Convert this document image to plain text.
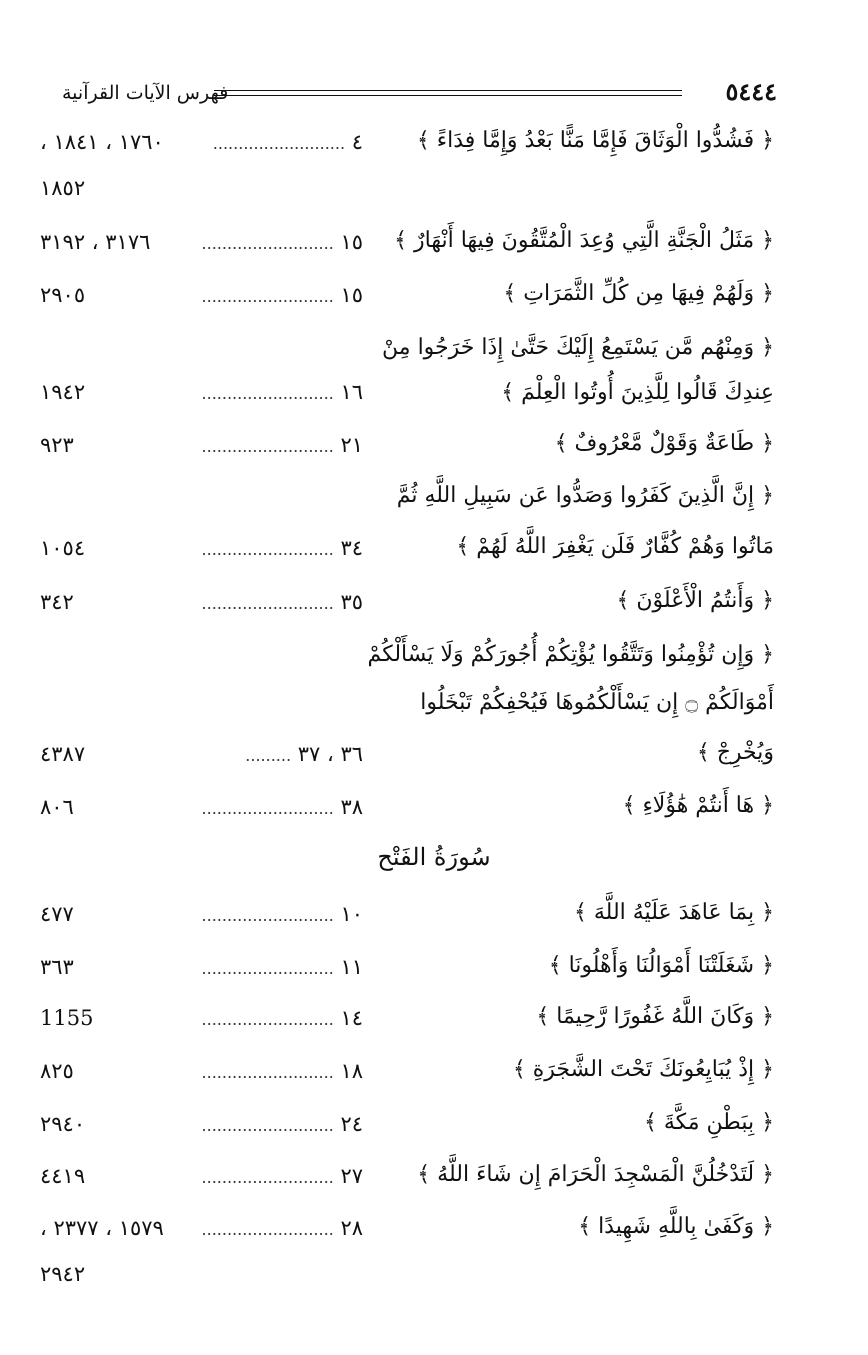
٥٤٤٤
فهرس الآيات القرآنية
﴿ فَشُدُّوا الْوَثَاقَ فَإِمَّا مَنًّا بَعْدُ وَإِمَّا فِدَاءً ﴾
٤ ..........................
١٧٦٠ ، ١٨٤١ ،
١٨٥٢
﴿ مَثَلُ الْجَنَّةِ الَّتِي وُعِدَ الْمُتَّقُونَ فِيهَا أَنْهَارٌ ﴾
١٥ ..........................
٣١٧٦ ، ٣١٩٢
﴿ وَلَهُمْ فِيهَا مِن كُلِّ الثَّمَرَاتِ ﴾
١٥ ..........................
٢٩٠٥
﴿ وَمِنْهُم مَّن يَسْتَمِعُ إِلَيْكَ حَتَّىٰ إِذَا خَرَجُوا مِنْ
عِندِكَ قَالُوا لِلَّذِينَ أُوتُوا الْعِلْمَ ﴾
١٦ ..........................
١٩٤٢
﴿ طَاعَةٌ وَقَوْلٌ مَّعْرُوفٌ ﴾
٢١ ..........................
٩٢٣
﴿ إِنَّ الَّذِينَ كَفَرُوا وَصَدُّوا عَن سَبِيلِ اللَّهِ ثُمَّ
مَاتُوا وَهُمْ كُفَّارٌ فَلَن يَغْفِرَ اللَّهُ لَهُمْ ﴾
٣٤ ..........................
١٠٥٤
﴿ وَأَنتُمُ الْأَعْلَوْنَ ﴾
٣٥ ..........................
٣٤٢
﴿ وَإِن تُؤْمِنُوا وَتَتَّقُوا يُؤْتِكُمْ أُجُورَكُمْ وَلَا يَسْأَلْكُمْ
أَمْوَالَكُمْ ۝ إِن يَسْأَلْكُمُوهَا فَيُحْفِكُمْ تَبْخَلُوا
وَيُخْرِجْ ﴾
٣٦ ، ٣٧ .........
٤٣٨٧
﴿ هَا أَنتُمْ هَٰؤُلَاءِ ﴾
٣٨ ..........................
٨٠٦
سُورَةُ الفَتْح
﴿ بِمَا عَاهَدَ عَلَيْهُ اللَّهَ ﴾
١٠ ..........................
٤٧٧
﴿ شَغَلَتْنَا أَمْوَالُنَا وَأَهْلُونَا ﴾
١١ ..........................
٣٦٣
﴿ وَكَانَ اللَّهُ غَفُورًا رَّحِيمًا ﴾
١٤ ..........................
1155
﴿ إِذْ يُبَايِعُونَكَ تَحْتَ الشَّجَرَةِ ﴾
١٨ ..........................
٨٢٥
﴿ بِبَطْنِ مَكَّةَ ﴾
٢٤ ..........................
٢٩٤٠
﴿ لَتَدْخُلُنَّ الْمَسْجِدَ الْحَرَامَ إِن شَاءَ اللَّهُ ﴾
٢٧ ..........................
٤٤١٩
﴿ وَكَفَىٰ بِاللَّهِ شَهِيدًا ﴾
٢٨ ..........................
١٥٧٩ ، ٢٣٧٧ ،
٢٩٤٢
